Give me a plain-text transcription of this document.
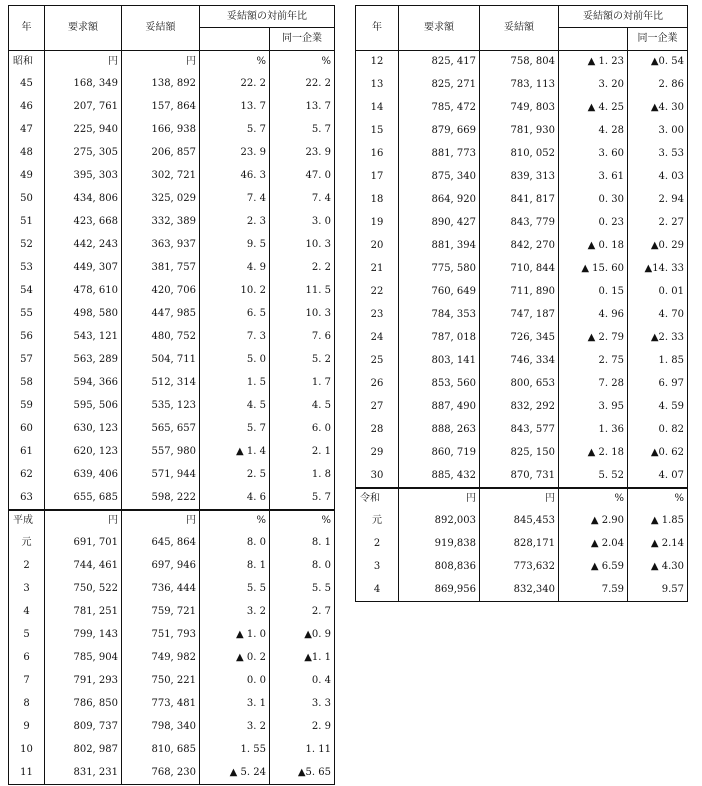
年	要求額	妥結額	妥結額の対前年比	
				同一企業
昭和	円	円	%	%
45	168, 349	138, 892	22. 2	22. 2
46	207, 761	157, 864	13. 7	13. 7
47	225, 940	166, 938	5. 7	5. 7
48	275, 305	206, 857	23. 9	23. 9
49	395, 303	302, 721	46. 3	47. 0
50	434, 806	325, 029	7. 4	7. 4
51	423, 668	332, 389	2. 3	3. 0
52	442, 243	363, 937	9. 5	10. 3
53	449, 307	381, 757	4. 9	2. 2
54	478, 610	420, 706	10. 2	11. 5
55	498, 580	447, 985	6. 5	10. 3
56	543, 121	480, 752	7. 3	7. 6
57	563, 289	504, 711	5. 0	5. 2
58	594, 366	512, 314	1. 5	1. 7
59	595, 506	535, 123	4. 5	4. 5
60	630, 123	565, 657	5. 7	6. 0
61	620, 123	557, 980	▲ 1. 4	2. 1
62	639, 406	571, 944	2. 5	1. 8
63	655, 685	598, 222	4. 6	5. 7
平成	円	円	%	%
元	691, 701	645, 864	8. 0	8. 1
2	744, 461	697, 946	8. 1	8. 0
3	750, 522	736, 444	5. 5	5. 5
4	781, 251	759, 721	3. 2	2. 7
5	799, 143	751, 793	▲ 1. 0	▲0. 9
6	785, 904	749, 982	▲ 0. 2	▲1. 1
7	791, 293	750, 221	0. 0	0. 4
8	786, 850	773, 481	3. 1	3. 3
9	809, 737	798, 340	3. 2	2. 9
10	802, 987	810, 685	1. 55	1. 11
11	831, 231	768, 230	▲ 5. 24	▲5. 65
年	要求額	妥結額	妥結額の対前年比	
				同一企業
12	825, 417	758, 804	▲ 1. 23	▲0. 54
13	825, 271	783, 113	3. 20	2. 86
14	785, 472	749, 803	▲ 4. 25	▲4. 30
15	879, 669	781, 930	4. 28	3. 00
16	881, 773	810, 052	3. 60	3. 53
17	875, 340	839, 313	3. 61	4. 03
18	864, 920	841, 817	0. 30	2. 94
19	890, 427	843, 779	0. 23	2. 27
20	881, 394	842, 270	▲ 0. 18	▲0. 29
21	775, 580	710, 844	▲ 15. 60	▲14. 33
22	760, 649	711, 890	0. 15	0. 01
23	784, 353	747, 187	4. 96	4. 70
24	787, 018	726, 345	▲ 2. 79	▲2. 33
25	803, 141	746, 334	2. 75	1. 85
26	853, 560	800, 653	7. 28	6. 97
27	887, 490	832, 292	3. 95	4. 59
28	888, 263	843, 577	1. 36	0. 82
29	860, 719	825, 150	▲ 2. 18	▲0. 62
30	885, 432	870, 731	5. 52	4. 07
令和	円	円	%	%
元	892,003	845,453	▲ 2.90	▲ 1.85
2	919,838	828,171	▲ 2.04	▲ 2.14
3	808,836	773,632	▲ 6.59	▲ 4.30
4	869,956	832,340	7.59	9.57
